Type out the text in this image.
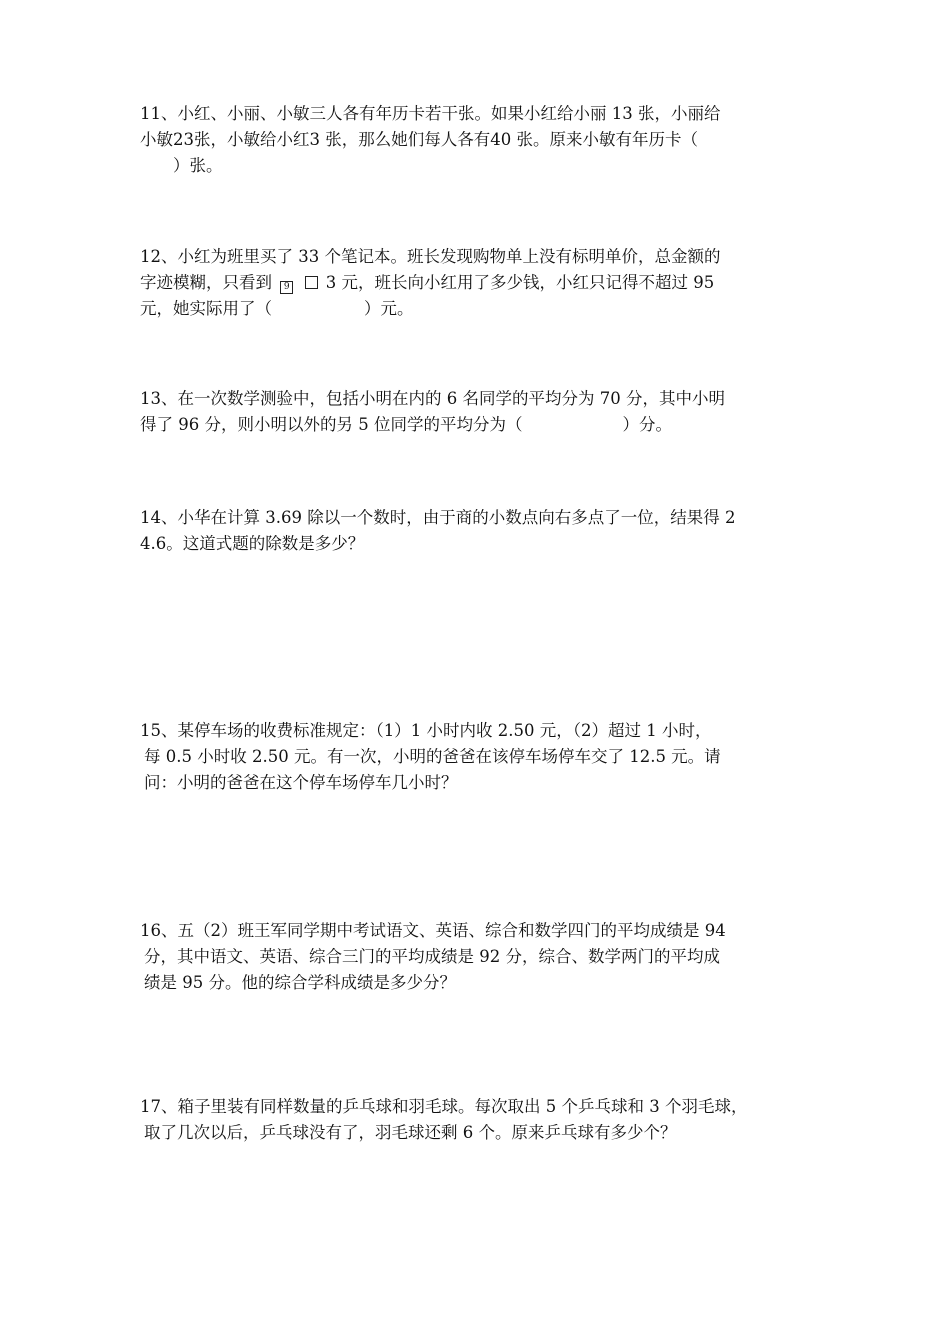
11、小红、小丽、小敏三人各有年历卡若干张。如果小红给小丽 13 张，小丽给
小敏23张，小敏给小红3 张，那么她们每人各有40 张。原来小敏有年历卡（
　　）张。
12、小红为班里买了 33 个笔记本。班长发现购物单上没有标明单价，总金额的
字迹模糊，只看到 9 3 元，班长向小红用了多少钱，小红只记得不超过 95
元，她实际用了（	）元。
13、在一次数学测验中，包括小明在内的 6 名同学的平均分为 70 分，其中小明
得了 96 分，则小明以外的另 5 位同学的平均分为（	）分。
14、小华在计算 3.69 除以一个数时，由于商的小数点向右多点了一位，结果得 2
4.6。这道式题的除数是多少？
15、某停车场的收费标准规定：（1）1 小时内收 2.50 元，（2）超过 1 小时，
每 0.5 小时收 2.50 元。有一次，小明的爸爸在该停车场停车交了 12.5 元。请
问：小明的爸爸在这个停车场停车几小时？
16、五（2）班王军同学期中考试语文、英语、综合和数学四门的平均成绩是 94
分，其中语文、英语、综合三门的平均成绩是 92 分，综合、数学两门的平均成
绩是 95 分。他的综合学科成绩是多少分？
17、箱子里装有同样数量的乒乓球和羽毛球。每次取出 5 个乒乓球和 3 个羽毛球，
取了几次以后，乒乓球没有了，羽毛球还剩 6 个。原来乒乓球有多少个？
